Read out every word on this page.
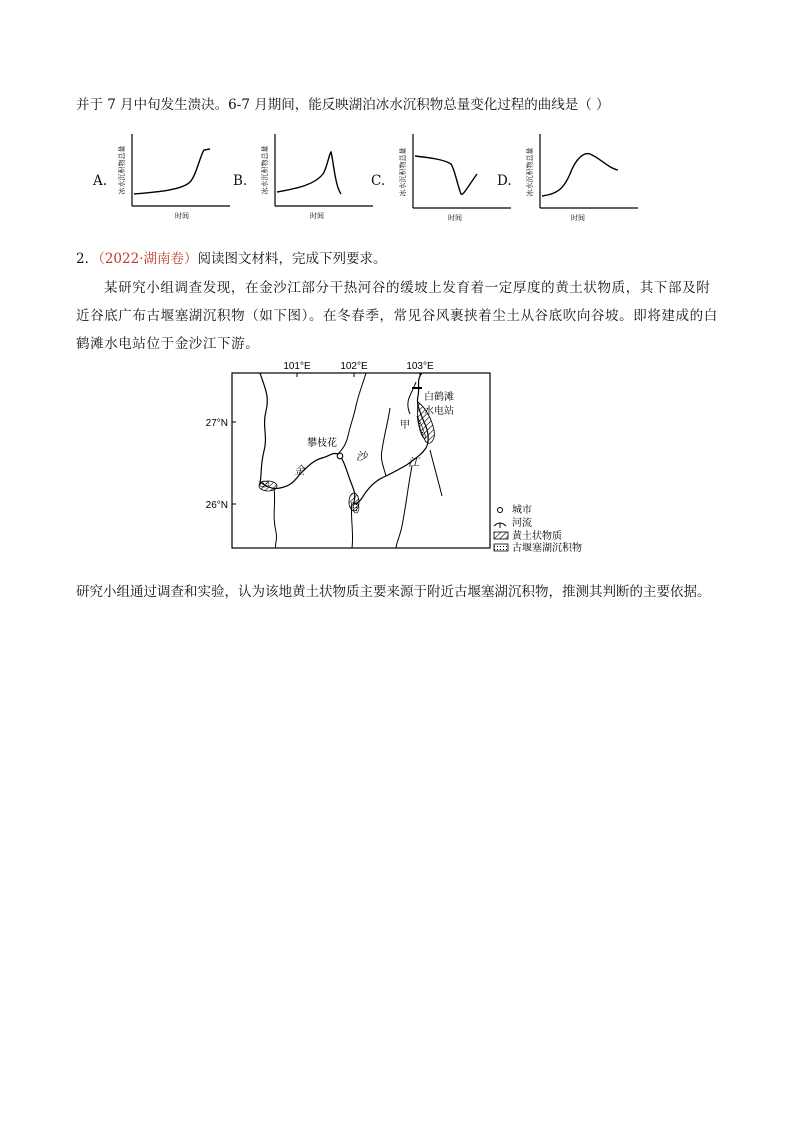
并于 7 月中旬发生溃决。6-7 月期间，能反映湖泊冰水沉积物总量变化过程的曲线是（ ）
A. 冰水沉积物总量
时间
B. 冰水沉积物总量
时间
C. 冰水沉积物总量
时间
D. 冰水沉积物总量
时间
2．（2022·湖南卷）阅读图文材料，完成下列要求。
某研究小组调查发现，在金沙江部分干热河谷的缓坡上发育着一定厚度的黄土状物质，其下部及附
近谷底广布古堰塞湖沉积物（如下图）。在冬春季，常见谷风裹挟着尘土从谷底吹向谷坡。即将建成的白
鹤滩水电站位于金沙江下游。
101°E	102°E	103°E
27°N
26°N
攀枝花
金
沙	江
白鹤滩
水电站
甲
城市
河流
黄土状物质
古堰塞湖沉积物
研究小组通过调查和实验，认为该地黄土状物质主要来源于附近古堰塞湖沉积物，推测其判断的主要依据。
